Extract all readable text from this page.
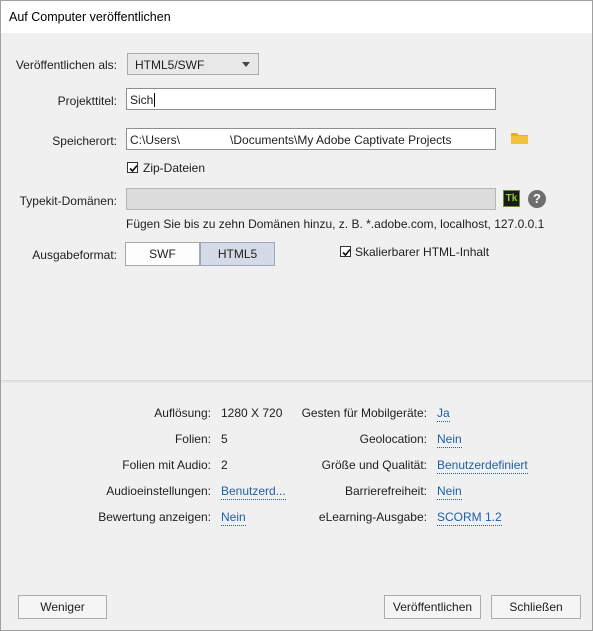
Auf Computer veröffentlichen
Veröffentlichen als: HTML5/SWF
Projekttitel:	Sich
Speicherort:	C:\Users\	\Documents\My Adobe Captivate Projects
Zip-Dateien
Typekit-Domänen:	Tk	?
Fügen Sie bis zu zehn Domänen hinzu, z. B. *.adobe.com, localhost, 127.0.0.1
Ausgabeformat:	SWF	HTML5	Skalierbarer HTML-Inhalt
Auflösung: 1280 X 720
Folien: 5
Folien mit Audio: 2
Audioeinstellungen: Benutzerd...
Bewertung anzeigen: Nein
Gesten für Mobilgeräte: Ja
Geolocation: Nein
Größe und Qualität: Benutzerdefiniert
Barrierefreiheit: Nein
eLearning-Ausgabe: SCORM 1.2
Weniger	Veröffentlichen	Schließen
